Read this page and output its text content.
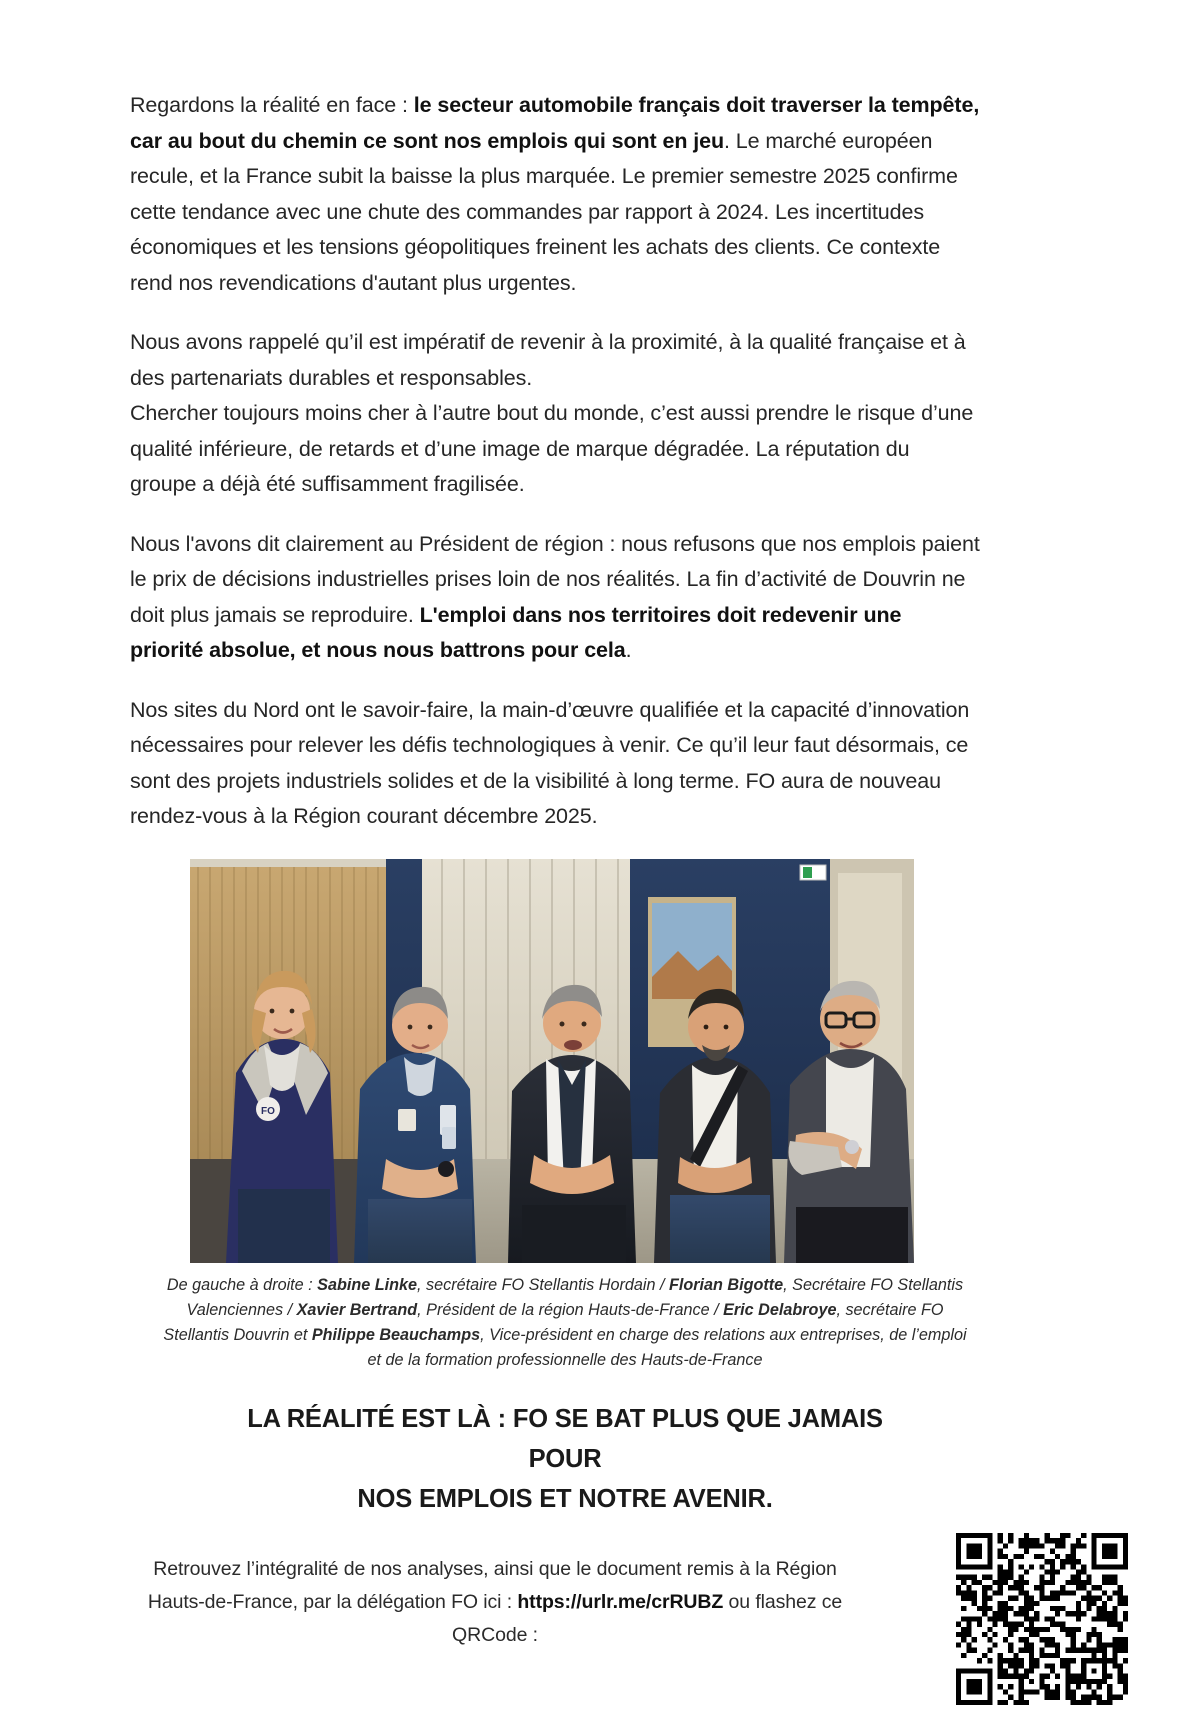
Regardons la réalité en face : le secteur automobile français doit traverser la tempête, car au bout du chemin ce sont nos emplois qui sont en jeu. Le marché européen recule, et la France subit la baisse la plus marquée. Le premier semestre 2025 confirme cette tendance avec une chute des commandes par rapport à 2024. Les incertitudes économiques et les tensions géopolitiques freinent les achats des clients. Ce contexte rend nos revendications d'autant plus urgentes.

Nous avons rappelé qu’il est impératif de revenir à la proximité, à la qualité française et à des partenariats durables et responsables.

Chercher toujours moins cher à l’autre bout du monde, c’est aussi prendre le risque d’une qualité inférieure, de retards et d’une image de marque dégradée. La réputation du groupe a déjà été suffisamment fragilisée.

Nous l'avons dit clairement au Président de région : nous refusons que nos emplois paient le prix de décisions industrielles prises loin de nos réalités. La fin d’activité de Douvrin ne doit plus jamais se reproduire. L'emploi dans nos territoires doit redevenir une priorité absolue, et nous nous battrons pour cela.

Nos sites du Nord ont le savoir-faire, la main-d’œuvre qualifiée et la capacité d’innovation nécessaires pour relever les défis technologiques à venir. Ce qu’il leur faut désormais, ce sont des projets industriels solides et de la visibilité à long terme. FO aura de nouveau rendez-vous à la Région courant décembre 2025.

FO
De gauche à droite : Sabine Linke, secrétaire FO Stellantis Hordain / Florian Bigotte, Secrétaire FO Stellantis Valenciennes / Xavier Bertrand, Président de la région Hauts-de-France / Eric Delabroye, secrétaire FO Stellantis Douvrin et Philippe Beauchamps, Vice-président en charge des relations aux entreprises, de l’emploi et de la formation professionnelle des Hauts-de-France
LA RÉALITÉ EST LÀ : FO SE BAT PLUS QUE JAMAIS POUR
NOS EMPLOIS ET NOTRE AVENIR.
Retrouvez l’intégralité de nos analyses, ainsi que le document remis à la Région Hauts-de-France, par la délégation FO ici : https://urlr.me/crRUBZ ou flashez ce QRCode :
